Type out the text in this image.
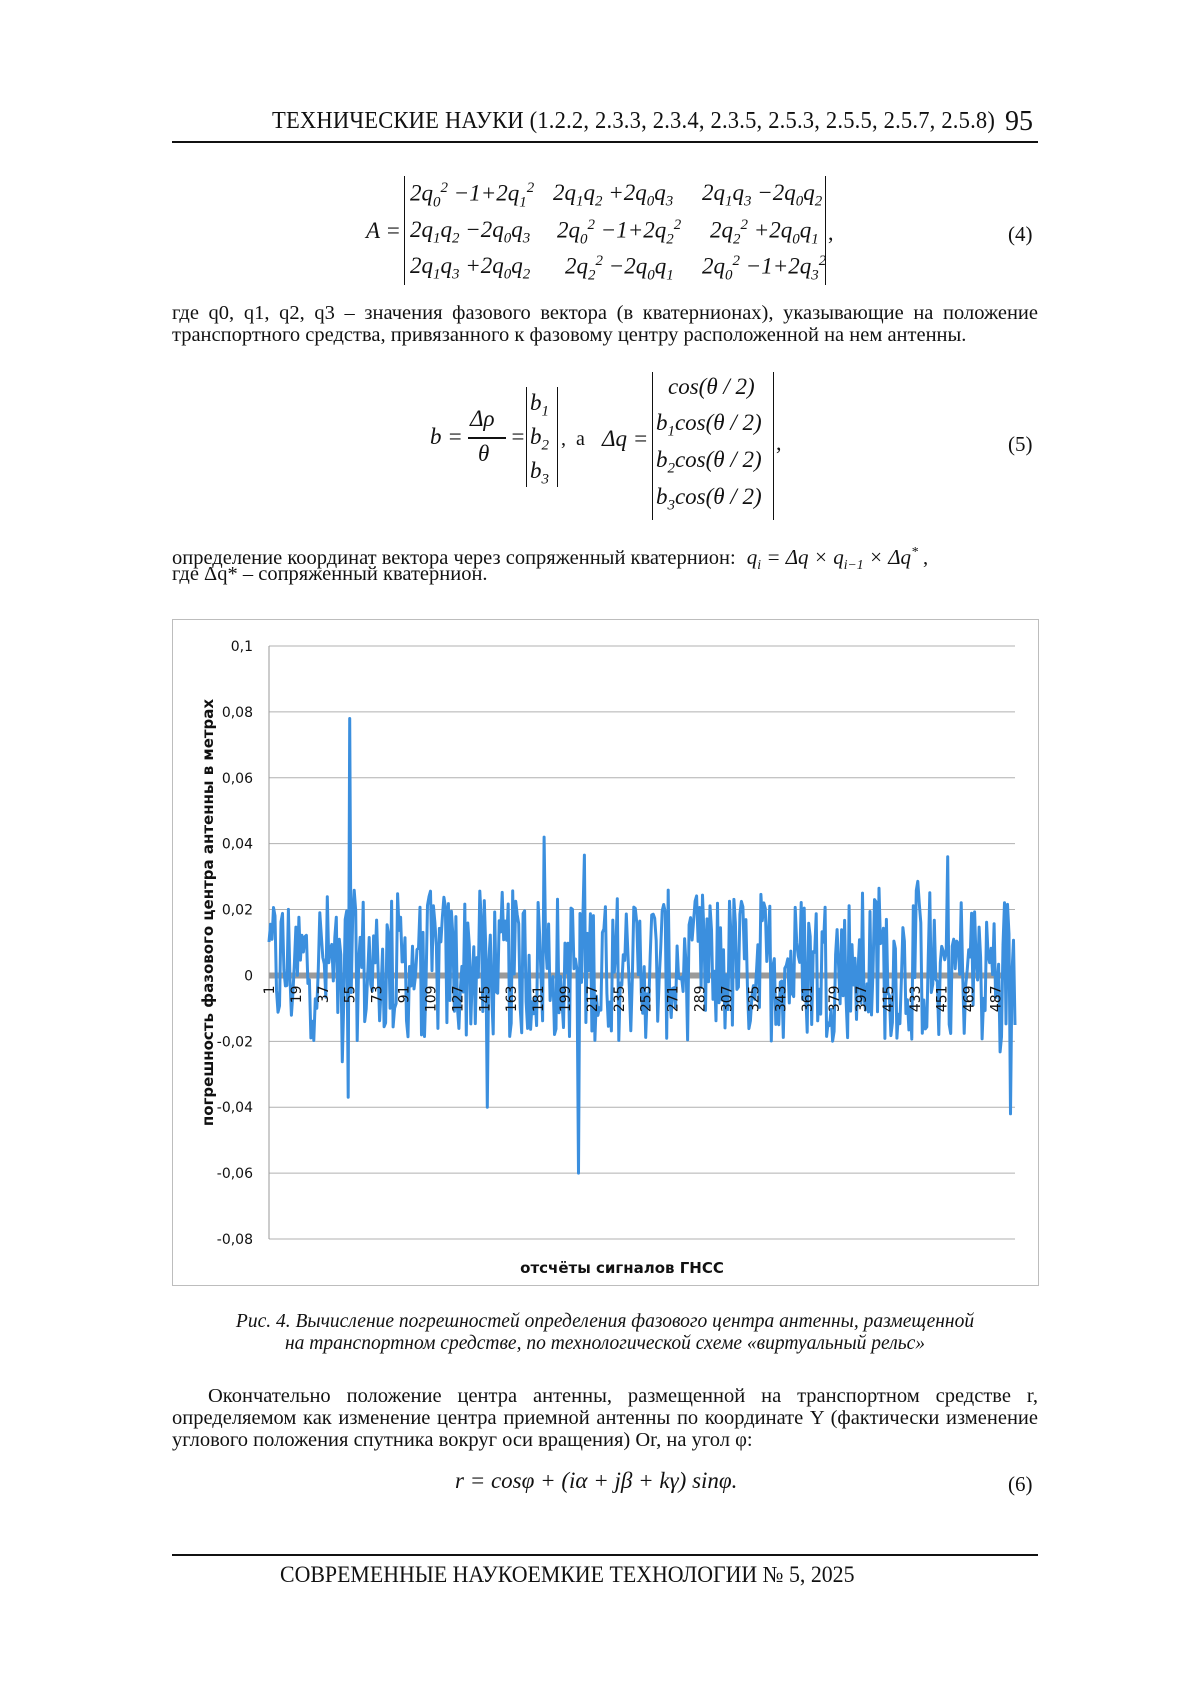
ТЕХНИЧЕСКИЕ НАУКИ (1.2.2, 2.3.3, 2.3.4, 2.3.5, 2.5.3, 2.5.5, 2.5.7, 2.5.8) 95
A =
$2q_0^2 -1+2q_1^2$ $2q_1q_2 +2q_0q_3$ $2q_1q_3 -2q_0q_2$
$2q_1q_2 -2q_0q_3$ $2q_0^2 -1+2q_2^2$ $2q_2^2 +2q_0q_1$
$2q_1q_3 +2q_0q_2$ $2q_2^2 -2q_0q_1$ $2q_0^2 -1+2q_3^2$
,	(4)
где q0, q1, q2, q3 – значения фазового вектора (в кватернионах), указывающие на положение транспортного средства, привязанного к фазовому центру расположенной на нем антенны.
b =
Δρ
θ
=
$b_1$
$b_2$
$b_3$
,  а Δq =
cos(θ / 2)
$b_1\cos(\theta / 2)$
$b_2\cos(\theta / 2)$
$b_3\cos(\theta / 2)$
,	(5)
определение координат вектора через сопряженный кватернион: $q_i = \Delta q \times q_{i-1} \times \Delta q^*$ ,
где Δq* – сопряженный кватернион.
0,1
0,08
0,06
0,04
0,02
0
-0,02
-0,04
-0,06
-0,08
1 19 37 55 73 91 109 127 145 163 181 199 217 235 253 271 289 307 325 343 361 379 397 415 433 451 469 487
отсчёты сигналов ГНСС
погрешность фазового центра антенны в метрах
Рис. 4. Вычисление погрешностей определения фазового центра антенны, размещенной
на транспортном средстве, по технологической схеме «виртуальный рельс»
Окончательно положение центра антенны, размещенной на транспортном средстве r, определяемом как изменение центра приемной антенны по координате Y (фактически изменение углового положения спутника вокруг оси вращения) Or, на угол φ:
r = cosφ + (iα + jβ + kγ) sinφ.	(6)
СОВРЕМЕННЫЕ НАУКОЕМКИЕ ТЕХНОЛОГИИ № 5, 2025
